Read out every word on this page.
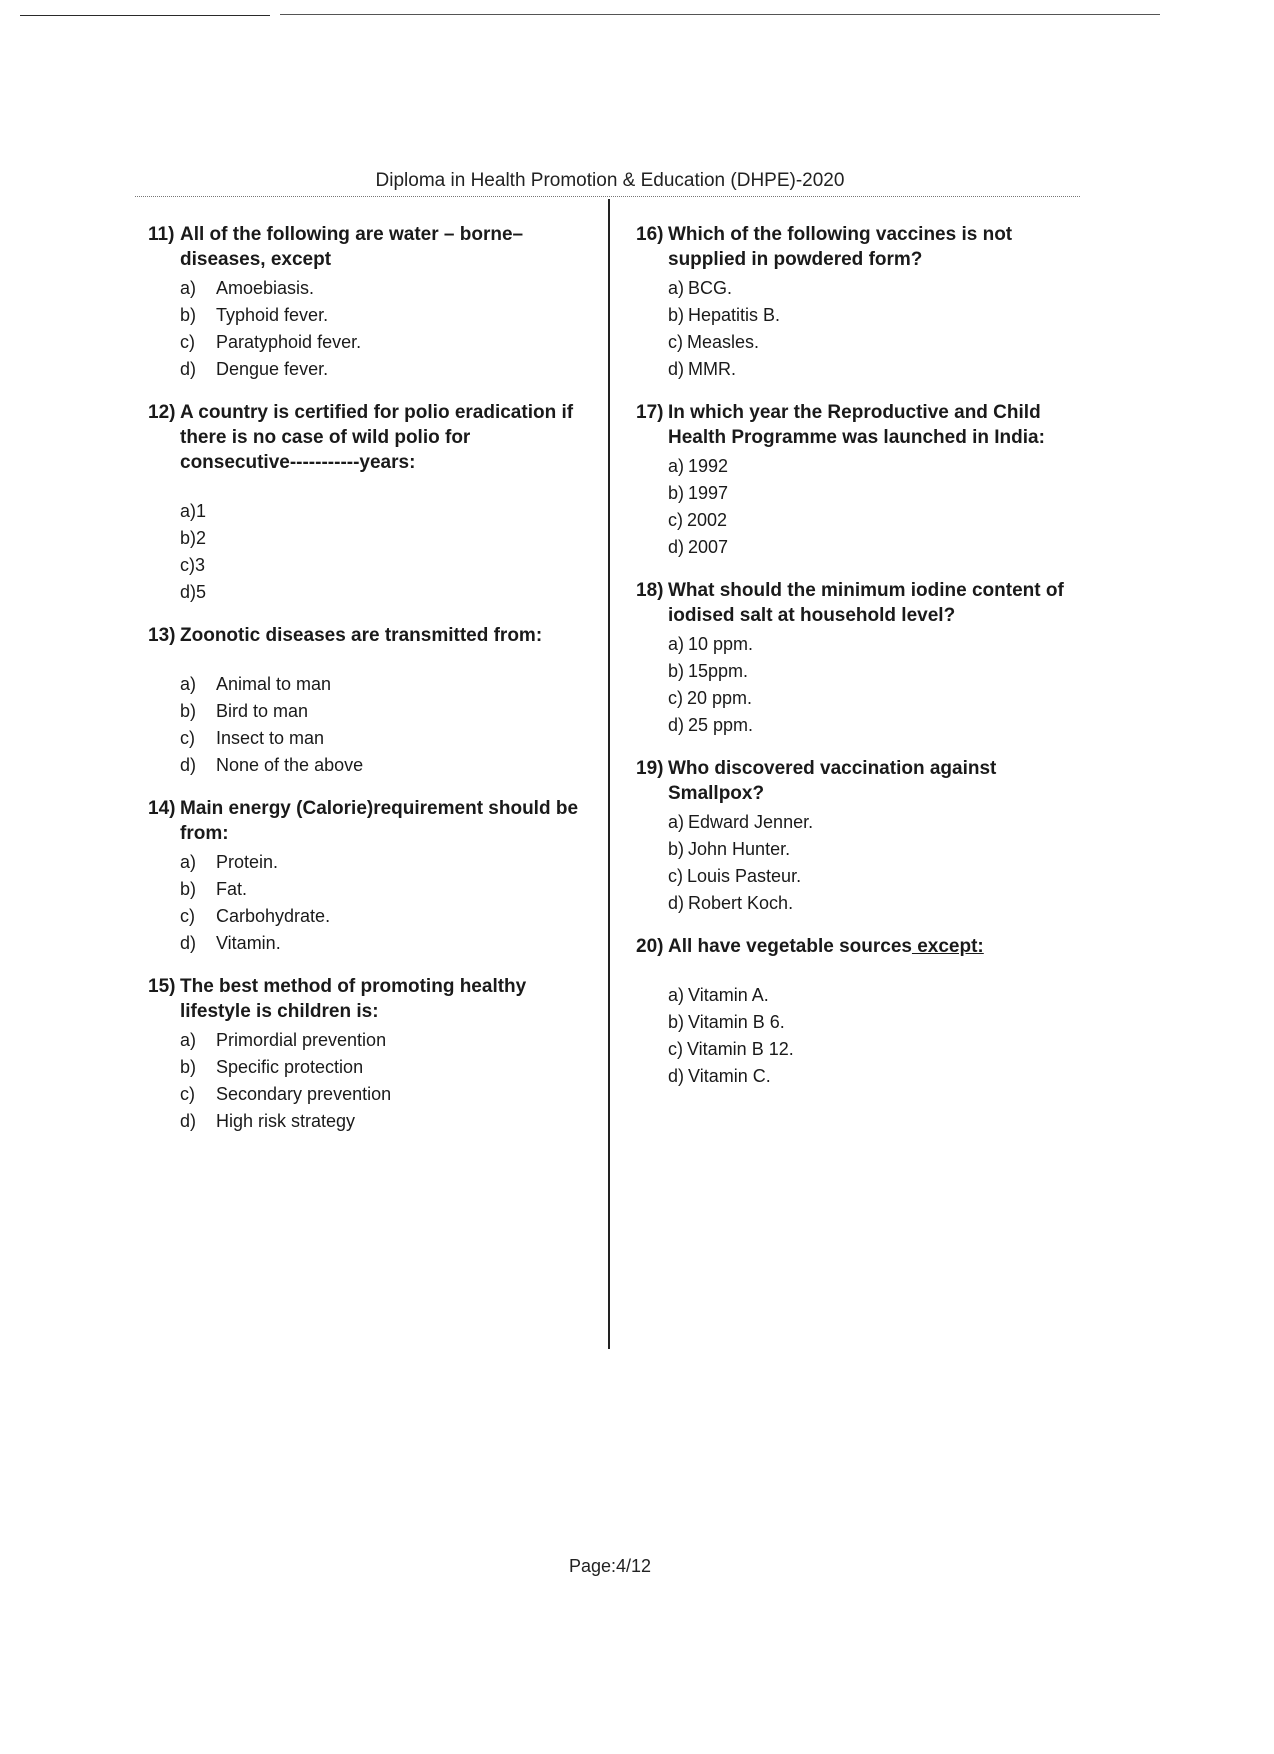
Diploma in Health Promotion & Education (DHPE)-2020
11) All of the following are water – borne– diseases, except
a) Amoebiasis.
b) Typhoid fever.
c) Paratyphoid fever.
d) Dengue fever.
12) A country is certified for polio eradication if there is no case of wild polio for consecutive-----------years:
a)1
b)2
c)3
d)5
13) Zoonotic diseases are transmitted from:
a) Animal to man
b) Bird to man
c) Insect to man
d) None of the above
14) Main energy (Calorie)requirement should be from:
a) Protein.
b) Fat.
c) Carbohydrate.
d) Vitamin.
15) The best method of promoting healthy lifestyle is children is:
a) Primordial prevention
b) Specific protection
c) Secondary prevention
d) High risk strategy
16) Which of the following vaccines is not supplied in powdered form?
a) BCG.
b) Hepatitis B.
c) Measles.
d) MMR.
17) In which year the Reproductive and Child Health Programme was launched in India:
a) 1992
b) 1997
c) 2002
d) 2007
18) What should the minimum iodine content of iodised salt at household level?
a) 10 ppm.
b) 15ppm.
c) 20 ppm.
d) 25 ppm.
19) Who discovered vaccination against Smallpox?
a) Edward Jenner.
b) John Hunter.
c) Louis Pasteur.
d) Robert Koch.
20) All have vegetable sources except:
a) Vitamin A.
b) Vitamin B 6.
c) Vitamin B 12.
d) Vitamin C.
Page:4/12
